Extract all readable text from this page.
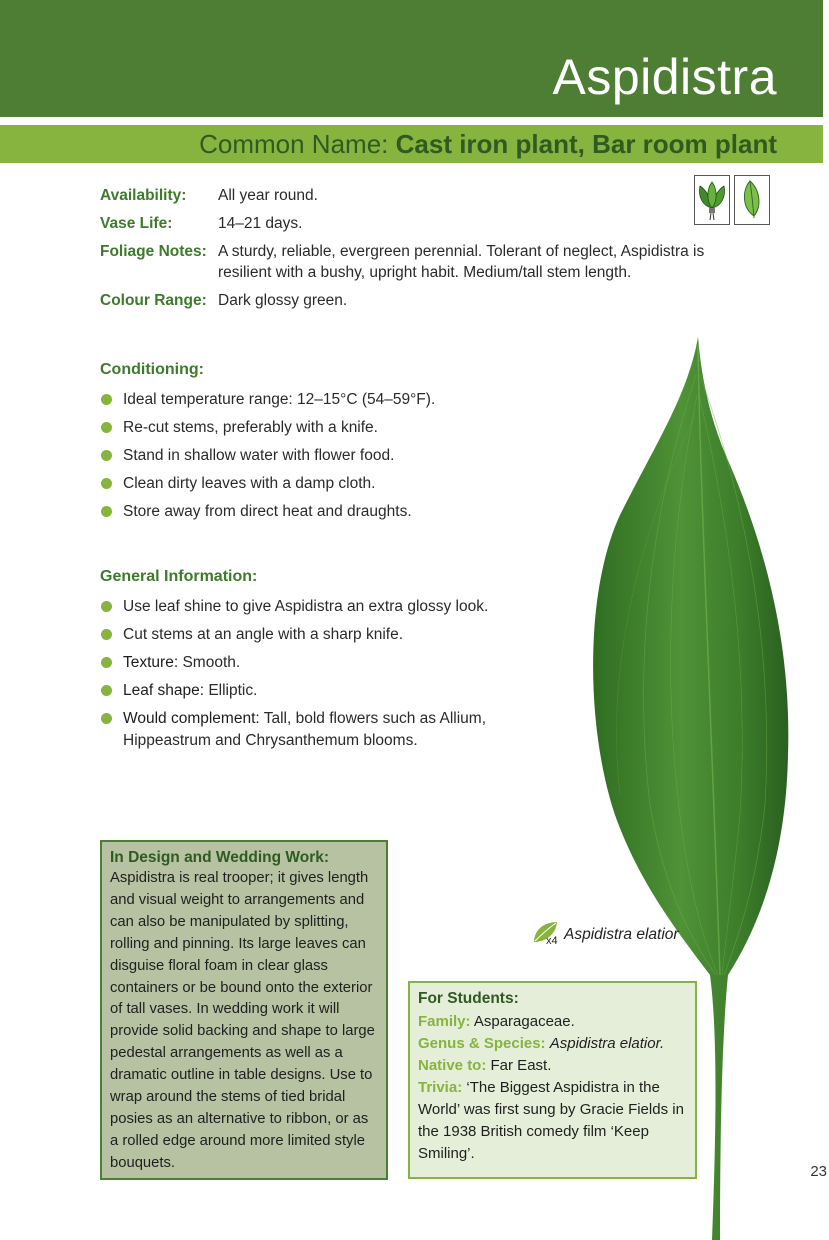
Aspidistra
Common Name: Cast iron plant, Bar room plant
Availability:	All year round.
Vase Life:	14–21 days.
Foliage Notes: A sturdy, reliable, evergreen perennial. Tolerant of neglect, Aspidistra is resilient with a bushy, upright habit. Medium/tall stem length.
Colour Range: Dark glossy green.
Conditioning:
Ideal temperature range: 12–15°C (54–59°F).
Re-cut stems, preferably with a knife.
Stand in shallow water with flower food.
Clean dirty leaves with a damp cloth.
Store away from direct heat and draughts.
General Information:
Use leaf shine to give Aspidistra an extra glossy look.
Cut stems at an angle with a sharp knife.
Texture: Smooth.
Leaf shape: Elliptic.
Would complement: Tall, bold flowers such as Allium, Hippeastrum and Chrysanthemum blooms.
In Design and Wedding Work:
Aspidistra is real trooper; it gives length and visual weight to arrangements and can also be manipulated by splitting, rolling and pinning. Its large leaves can disguise floral foam in clear glass containers or be bound onto the exterior of tall vases. In wedding work it will provide solid backing and shape to large pedestal arrangements as well as a dramatic outline in table designs. Use to wrap around the stems of tied bridal posies as an alternative to ribbon, or as a rolled edge around more limited style bouquets.
x4 Aspidistra elatior
For Students:
Family: Asparagaceae.
Genus & Species: Aspidistra elatior.
Native to: Far East.
Trivia: ‘The Biggest Aspidistra in the World’ was first sung by Gracie Fields in the 1938 British comedy film ‘Keep Smiling’.
23
